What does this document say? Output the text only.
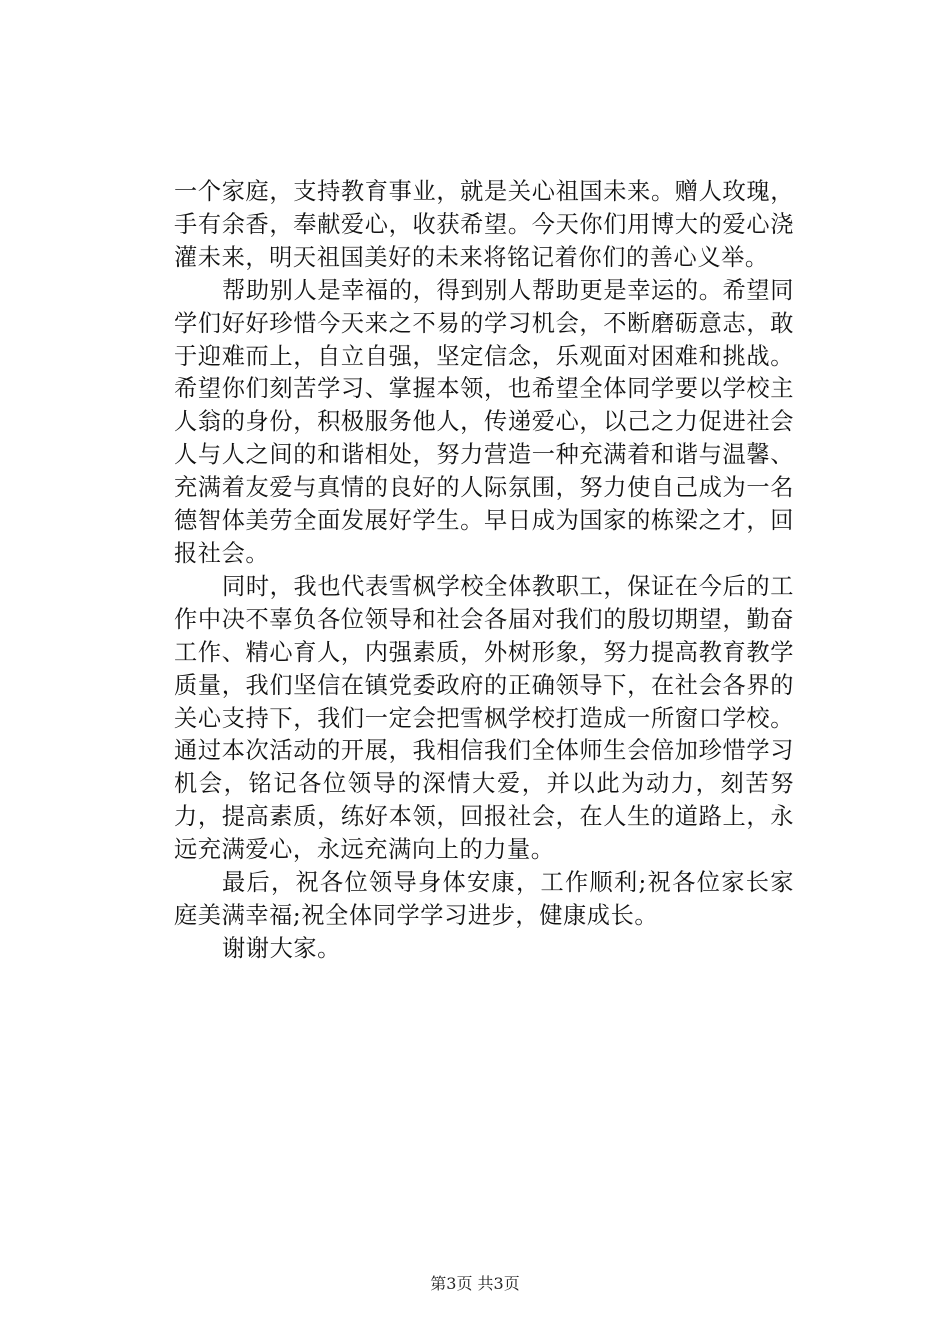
一个家庭，支持教育事业，就是关心祖国未来。赠人玫瑰，手有余香，奉献爱心，收获希望。今天你们用博大的爱心浇灌未来，明天祖国美好的未来将铭记着你们的善心义举。

帮助别人是幸福的，得到别人帮助更是幸运的。希望同学们好好珍惜今天来之不易的学习机会，不断磨砺意志，敢于迎难而上，自立自强，坚定信念，乐观面对困难和挑战。希望你们刻苦学习、掌握本领，也希望全体同学要以学校主人翁的身份，积极服务他人，传递爱心，以己之力促进社会人与人之间的和谐相处，努力营造一种充满着和谐与温馨、充满着友爱与真情的良好的人际氛围，努力使自己成为一名德智体美劳全面发展好学生。早日成为国家的栋梁之才，回报社会。

同时，我也代表雪枫学校全体教职工，保证在今后的工作中决不辜负各位领导和社会各届对我们的殷切期望，勤奋工作、精心育人，内强素质，外树形象，努力提高教育教学质量，我们坚信在镇党委政府的正确领导下，在社会各界的关心支持下，我们一定会把雪枫学校打造成一所窗口学校。通过本次活动的开展，我相信我们全体师生会倍加珍惜学习机会，铭记各位领导的深情大爱，并以此为动力，刻苦努力，提高素质，练好本领，回报社会，在人生的道路上，永远充满爱心，永远充满向上的力量。

最后，祝各位领导身体安康，工作顺利;祝各位家长家庭美满幸福;祝全体同学学习进步，健康成长。

谢谢大家。

第3页 共3页
